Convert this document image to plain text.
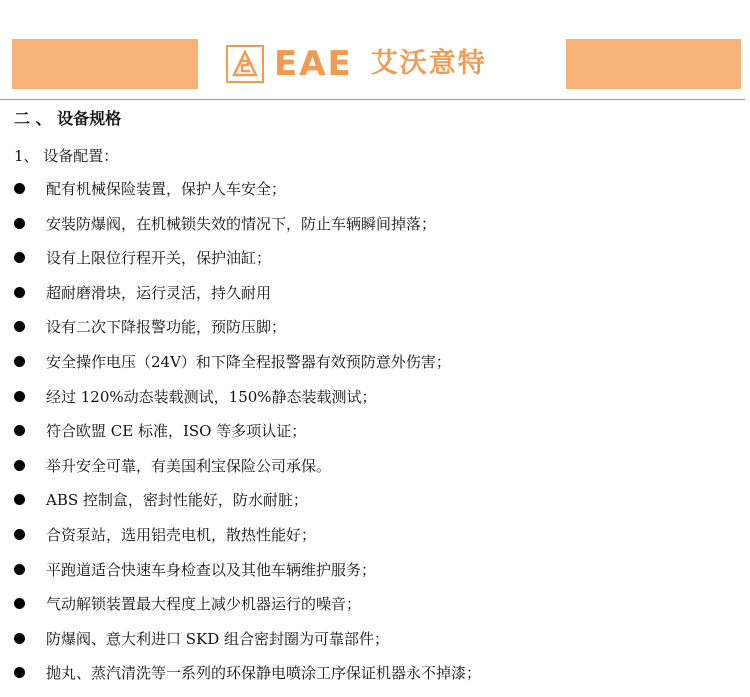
EAE 艾沃意特
二 、 设备规格
1、 设备配置：
配有机械保险装置，保护人车安全；
安装防爆阀，在机械锁失效的情况下，防止车辆瞬间掉落；
设有上限位行程开关，保护油缸；
超耐磨滑块，运行灵活，持久耐用
设有二次下降报警功能，预防压脚；
安全操作电压（24V）和下降全程报警器有效预防意外伤害；
经过 120%动态装载测试，150%静态装载测试；
符合欧盟 CE 标准，ISO 等多项认证；
举升安全可靠，有美国利宝保险公司承保。
ABS 控制盒，密封性能好，防水耐脏；
合资泵站，选用铝壳电机，散热性能好；
平跑道适合快速车身检查以及其他车辆维护服务；
气动解锁装置最大程度上减少机器运行的噪音；
防爆阀、意大利进口 SKD 组合密封圈为可靠部件；
抛丸、蒸汽清洗等一系列的环保静电喷涂工序保证机器永不掉漆；
